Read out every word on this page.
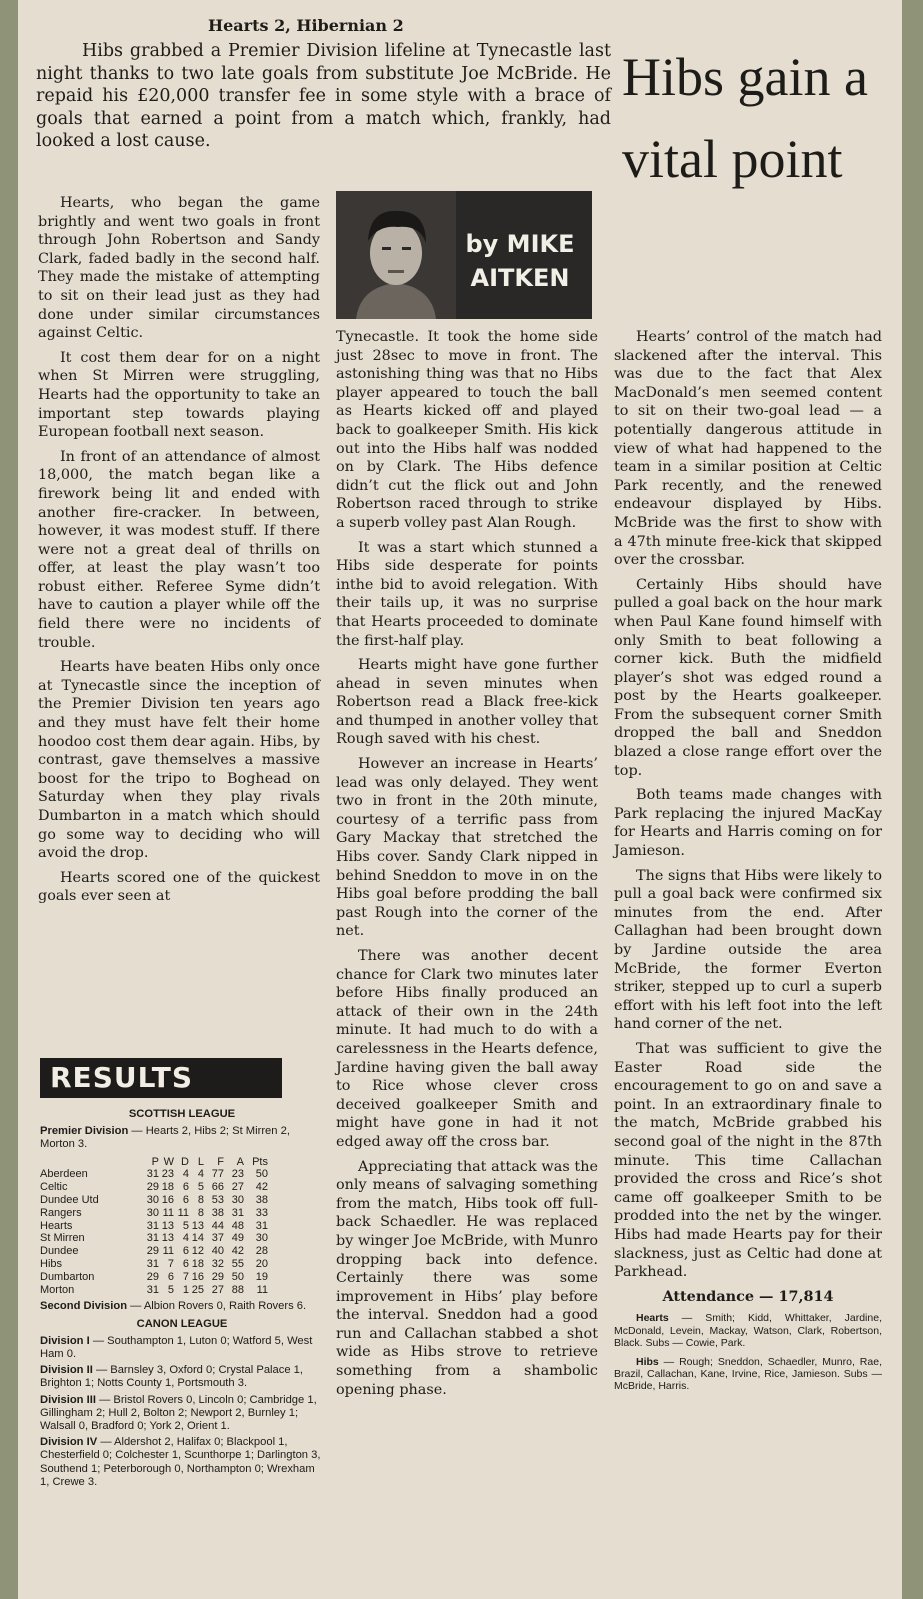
Hearts 2, Hibernian 2

Hibs grabbed a Premier Division lifeline at Tynecastle last night thanks to two late goals from substitute Joe McBride. He repaid his £20,000 transfer fee in some style with a brace of goals that earned a point from a match which, frankly, had looked a lost cause.

Hibs gain a vital point
by MIKE AITKEN

Hearts, who began the game brightly and went two goals in front through John Robertson and Sandy Clark, faded badly in the second half. They made the mistake of attempting to sit on their lead just as they had done under similar circumstances against Celtic.

It cost them dear for on a night when St Mirren were struggling, Hearts had the opportunity to take an important step towards playing European football next season.

In front of an attendance of almost 18,000, the match began like a firework being lit and ended with another fire-cracker. In between, however, it was modest stuff. If there were not a great deal of thrills on offer, at least the play wasn’t too robust either. Referee Syme didn’t have to caution a player while off the field there were no incidents of trouble.

Hearts have beaten Hibs only once at Tynecastle since the inception of the Premier Division ten years ago and they must have felt their home hoodoo cost them dear again. Hibs, by contrast, gave themselves a massive boost for the tripo to Boghead on Saturday when they play rivals Dumbarton in a match which should go some way to deciding who will avoid the drop.

Hearts scored one of the quickest goals ever seen at

RESULTS
SCOTTISH LEAGUE
Premier Division — Hearts 2, Hibs 2; St Mirren 2, Morton 3.
	P	W	D	L	F	A	Pts
Aberdeen	31	23	4	4	77	23	50
Celtic	29	18	6	5	66	27	42
Dundee Utd	30	16	6	8	53	30	38
Rangers	30	11	11	8	38	31	33
Hearts	31	13	5	13	44	48	31
St Mirren	31	13	4	14	37	49	30
Dundee	29	11	6	12	40	42	28
Hibs	31	7	6	18	32	55	20
Dumbarton	29	6	7	16	29	50	19
Morton	31	5	1	25	27	88	11
Second Division — Albion Rovers 0, Raith Rovers 6.
CANON LEAGUE
Division I — Southampton 1, Luton 0; Watford 5, West Ham 0.
Division II — Barnsley 3, Oxford 0; Crystal Palace 1, Brighton 1; Notts County 1, Portsmouth 3.
Division III — Bristol Rovers 0, Lincoln 0; Cambridge 1, Gillingham 2; Hull 2, Bolton 2; Newport 2, Burnley 1; Walsall 0, Bradford 0; York 2, Orient 1.
Division IV — Aldershot 2, Halifax 0; Blackpool 1, Chesterfield 0; Colchester 1, Scunthorpe 1; Darlington 3, Southend 1; Peterborough 0, Northampton 0; Wrexham 1, Crewe 3.

Tynecastle. It took the home side just 28sec to move in front. The astonishing thing was that no Hibs player appeared to touch the ball as Hearts kicked off and played back to goalkeeper Smith. His kick out into the Hibs half was nodded on by Clark. The Hibs defence didn’t cut the flick out and John Robertson raced through to strike a superb volley past Alan Rough.

It was a start which stunned a Hibs side desperate for points inthe bid to avoid relegation. With their tails up, it was no surprise that Hearts proceeded to dominate the first-half play.

Hearts might have gone further ahead in seven minutes when Robertson read a Black free-kick and thumped in another volley that Rough saved with his chest.

However an increase in Hearts’ lead was only delayed. They went two in front in the 20th minute, courtesy of a terrific pass from Gary Mackay that stretched the Hibs cover. Sandy Clark nipped in behind Sneddon to move in on the Hibs goal before prodding the ball past Rough into the corner of the net.

There was another decent chance for Clark two minutes later before Hibs finally produced an attack of their own in the 24th minute. It had much to do with a carelessness in the Hearts defence, Jardine having given the ball away to Rice whose clever cross deceived goalkeeper Smith and might have gone in had it not edged away off the cross bar.

Appreciating that attack was the only means of salvaging something from the match, Hibs took off full-back Schaedler. He was replaced by winger Joe McBride, with Munro dropping back into defence. Certainly there was some improvement in Hibs’ play before the interval. Sneddon had a good run and Callachan stabbed a shot wide as Hibs strove to retrieve something from a shambolic opening phase.

Hearts’ control of the match had slackened after the interval. This was due to the fact that Alex MacDonald’s men seemed content to sit on their two-goal lead — a potentially dangerous attitude in view of what had happened to the team in a similar position at Celtic Park recently, and the renewed endeavour displayed by Hibs. McBride was the first to show with a 47th minute free-kick that skipped over the crossbar.

Certainly Hibs should have pulled a goal back on the hour mark when Paul Kane found himself with only Smith to beat following a corner kick. Buth the midfield player’s shot was edged round a post by the Hearts goalkeeper. From the subsequent corner Smith dropped the ball and Sneddon blazed a close range effort over the top.

Both teams made changes with Park replacing the injured MacKay for Hearts and Harris coming on for Jamieson.

The signs that Hibs were likely to pull a goal back were confirmed six minutes from the end. After Callaghan had been brought down by Jardine outside the area McBride, the former Everton striker, stepped up to curl a superb effort with his left foot into the left hand corner of the net.

That was sufficient to give the Easter Road side the encouragement to go on and save a point. In an extraordinary finale to the match, McBride grabbed his second goal of the night in the 87th minute. This time Callachan provided the cross and Rice’s shot came off goalkeeper Smith to be prodded into the net by the winger. Hibs had made Hearts pay for their slackness, just as Celtic had done at Parkhead.

Attendance — 17,814

Hearts — Smith; Kidd, Whittaker, Jardine, McDonald, Levein, Mackay, Watson, Clark, Robertson, Black. Subs — Cowie, Park.

Hibs — Rough; Sneddon, Schaedler, Munro, Rae, Brazil, Callachan, Kane, Irvine, Rice, Jamieson. Subs — McBride, Harris.
